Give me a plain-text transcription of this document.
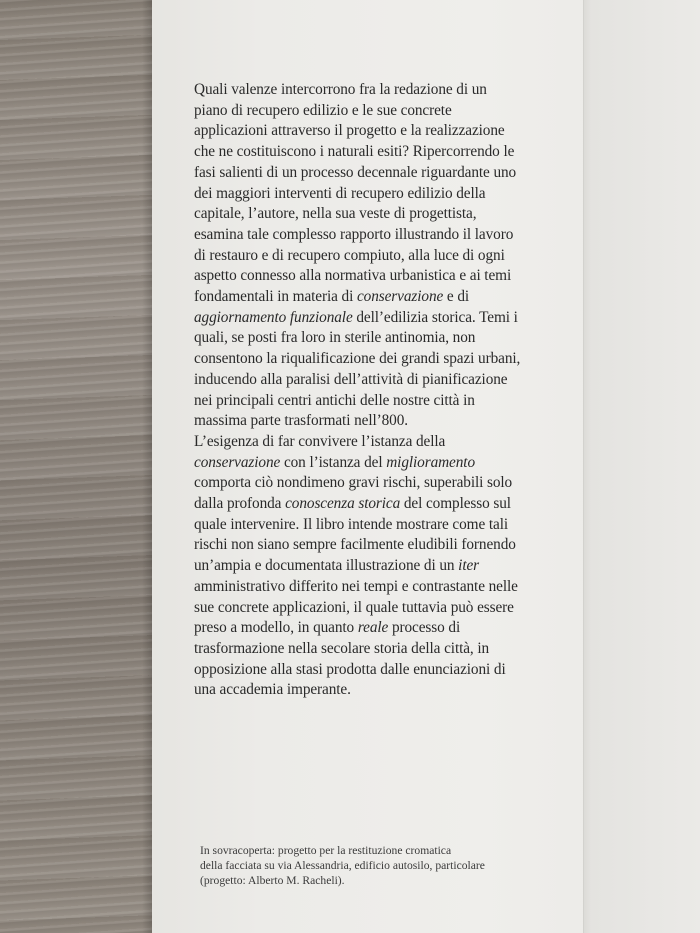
Quali valenze intercorrono fra la redazione di un
piano di recupero edilizio e le sue concrete
applicazioni attraverso il progetto e la realizzazione
che ne costituiscono i naturali esiti? Ripercorrendo le
fasi salienti di un processo decennale riguardante uno
dei maggiori interventi di recupero edilizio della
capitale, l’autore, nella sua veste di progettista,
esamina tale complesso rapporto illustrando il lavoro
di restauro e di recupero compiuto, alla luce di ogni
aspetto connesso alla normativa urbanistica e ai temi
fondamentali in materia di conservazione e di
aggiornamento funzionale dell’edilizia storica. Temi i
quali, se posti fra loro in sterile antinomia, non
consentono la riqualificazione dei grandi spazi urbani,
inducendo alla paralisi dell’attività di pianificazione
nei principali centri antichi delle nostre città in
massima parte trasformati nell’800.
L’esigenza di far convivere l’istanza della
conservazione con l’istanza del miglioramento
comporta ciò nondimeno gravi rischi, superabili solo
dalla profonda conoscenza storica del complesso sul
quale intervenire. Il libro intende mostrare come tali
rischi non siano sempre facilmente eludibili fornendo
un’ampia e documentata illustrazione di un iter
amministrativo differito nei tempi e contrastante nelle
sue concrete applicazioni, il quale tuttavia può essere
preso a modello, in quanto reale processo di
trasformazione nella secolare storia della città, in
opposizione alla stasi prodotta dalle enunciazioni di
una accademia imperante.
In sovracoperta: progetto per la restituzione cromatica
della facciata su via Alessandria, edificio autosilo, particolare
(progetto: Alberto M. Racheli).
